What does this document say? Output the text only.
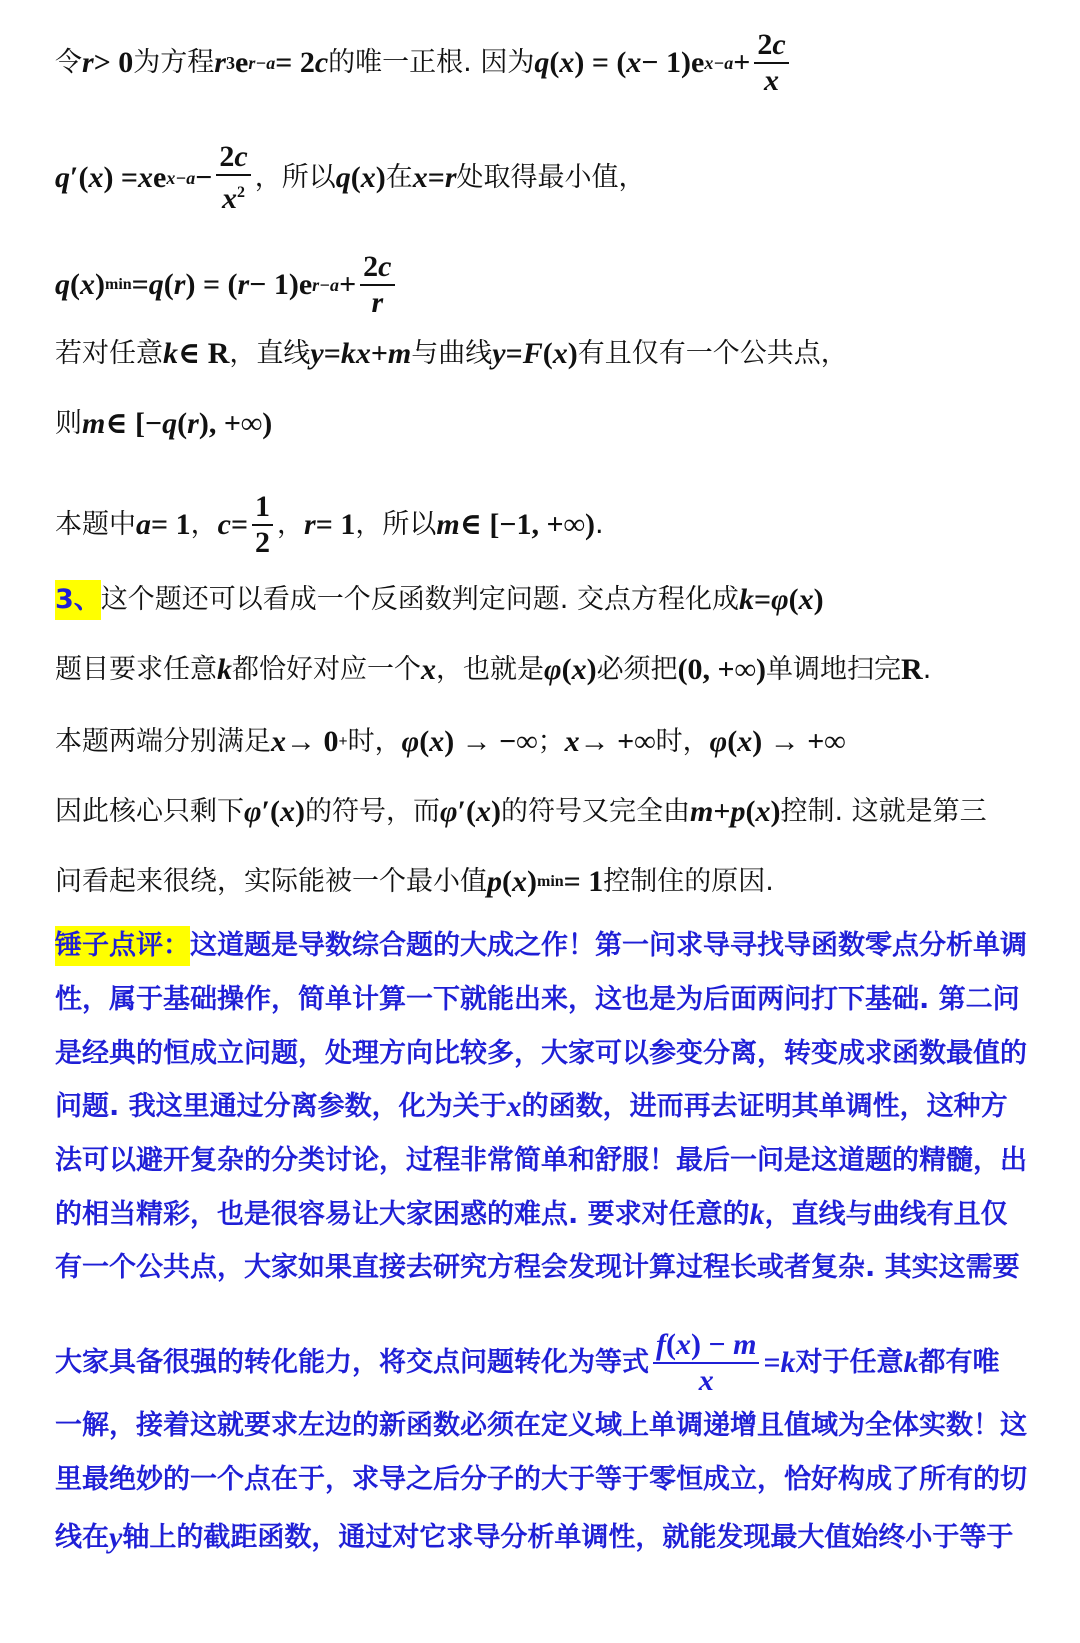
令 r > 0 为方程 r 3 e r−a = 2 c 的唯一正根. 因为 q ( x ) = ( x − 1)e $x-a + \frac{2c}{x}$
q ′( x ) = x e $x-a - \frac{2c}{x^2}$ ，所以 q ( x ) 在 x = r 处取得最小值，
q ( x ) min = q ( r ) = ( r − 1)e $r-a + \frac{2c}{r}$
若对任意 k ∈ R ，直线 y = kx + m 与曲线 y = F ( x ) 有且仅有一个公共点，
则 m ∈ [− q ( r ), +∞)
本题中 a = 1 ， $c = \frac{1}{2}$ ， r = 1 ，所以 m ∈ [−1, +∞) .
3、 这个题还可以看成一个反函数判定问题. 交点方程化成 k = φ ( x )
题目要求任意 k 都恰好对应一个 x ，也就是 φ ( x ) 必须把 (0, +∞) 单调地扫完 R .
本题两端分别满足 x → 0 + 时， φ ( x ) → −∞ ； x → +∞ 时， φ ( x ) → +∞
因此核心只剩下 φ ′( x ) 的符号，而 φ ′( x ) 的符号又完全由 m + p ( x ) 控制. 这就是第三
问看起来很绕，实际能被一个最小值 p ( x ) min = 1 控制住的原因.
锤子点评： 这道题是导数综合题的大成之作！第一问求导寻找导函数零点分析单调
性，属于基础操作，简单计算一下就能出来，这也是为后面两问打下基础. 第二问
是经典的恒成立问题，处理方向比较多，大家可以参变分离，转变成求函数最值的
问题. 我这里通过分离参数，化为关于 x 的函数，进而再去证明其单调性，这种方
法可以避开复杂的分类讨论，过程非常简单和舒服！最后一问是这道题的精髓，出
的相当精彩，也是很容易让大家困惑的难点. 要求对任意的 k ，直线与曲线有且仅
有一个公共点，大家如果直接去研究方程会发现计算过程长或者复杂. 其实这需要
大家具备很强的转化能力，将交点问题转化为等式 $\frac{f(x) - m}{x} = k$ 对于任意 k 都有唯
一解，接着这就要求左边的新函数必须在定义域上单调递增且值域为全体实数！这
里最绝妙的一个点在于，求导之后分子的大于等于零恒成立，恰好构成了所有的切
线在 y 轴上的截距函数，通过对它求导分析单调性，就能发现最大值始终小于等于
